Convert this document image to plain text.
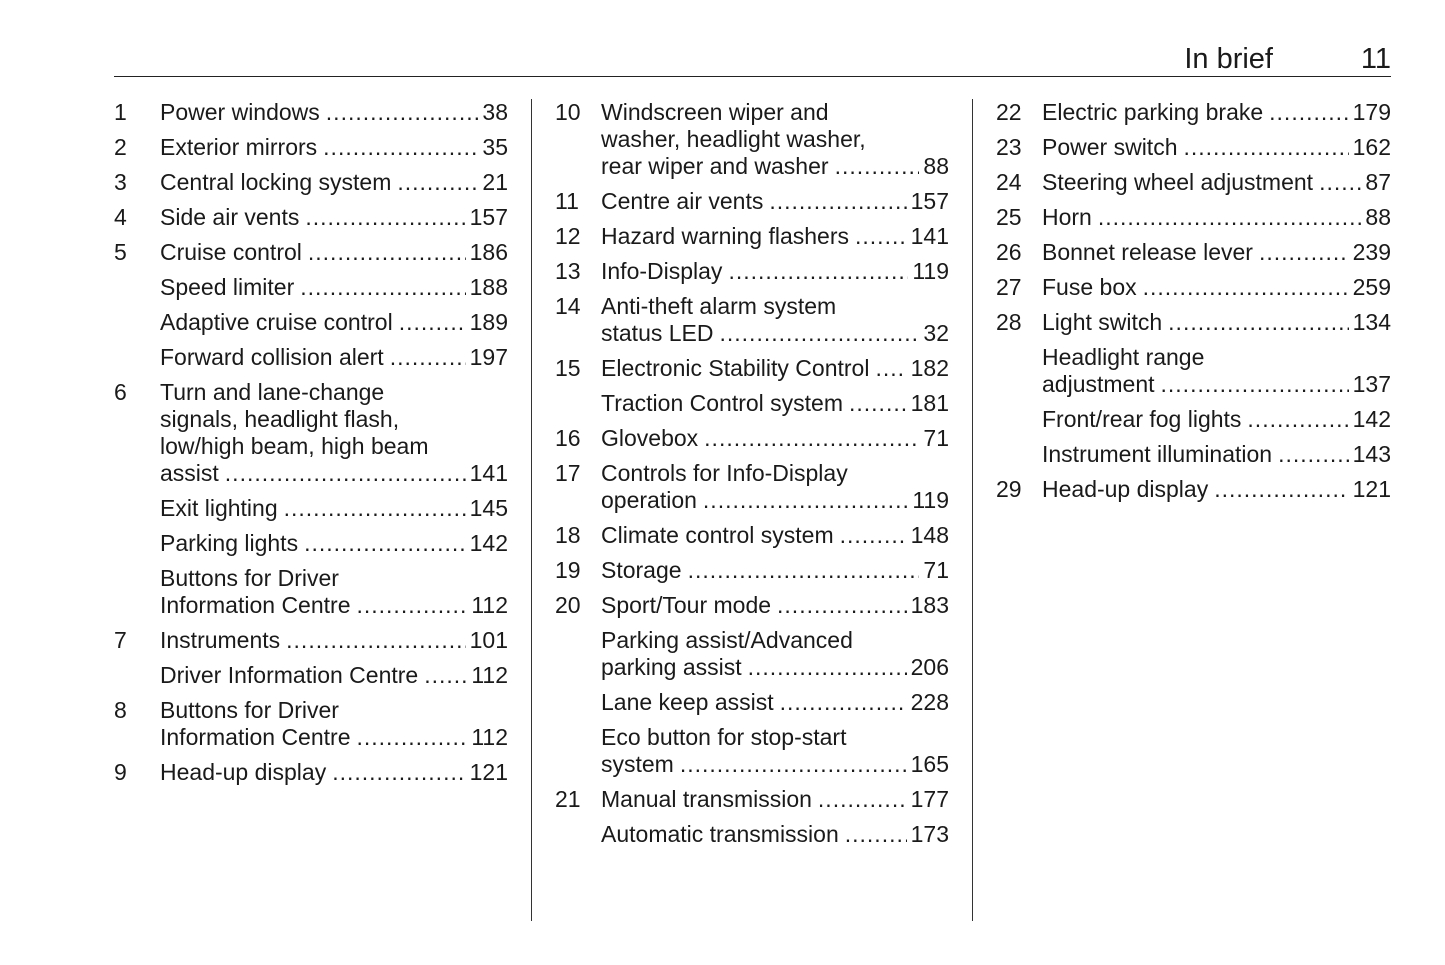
In brief	11
1 Power windows .....	38
2 Exterior mirrors .....	35
3 Central locking system .....	21
4 Side air vents .....	157
5 Cruise control .....	186
Speed limiter .....	188
Adaptive cruise control .....	189
Forward collision alert .....	197
6 Turn and lane-change
signals, headlight flash,
low/high beam, high beam
assist .....	141
Exit lighting .....	145
Parking lights .....	142
Buttons for Driver
Information Centre .....	112
7 Instruments .....	101
Driver Information Centre ..... 112
8 Buttons for Driver
Information Centre .....	112
9 Head-up display .....	121
10 Windscreen wiper and
washer, headlight washer,
rear wiper and washer .....	88
11 Centre air vents .....	157
12 Hazard warning flashers .....	141
13 Info-Display .....	119
14 Anti-theft alarm system
status LED .....	32
15 Electronic Stability Control ..... 182
Traction Control system .....	181
16 Glovebox .....	71
17 Controls for Info-Display
operation .....	119
18 Climate control system .....	148
19 Storage .....	71
20 Sport/Tour mode .....	183
Parking assist/Advanced
parking assist .....	206
Lane keep assist .....	228
Eco button for stop-start
system .....	165
21 Manual transmission .....	177
Automatic transmission .....	173
22 Electric parking brake .....	179
23 Power switch .....	162
24 Steering wheel adjustment ..... 87
25 Horn .....	88
26 Bonnet release lever .....	239
27 Fuse box .....	259
28 Light switch .....	134
Headlight range
adjustment .....	137
Front/rear fog lights .....	142
Instrument illumination .....	143
29 Head-up display .....	121
